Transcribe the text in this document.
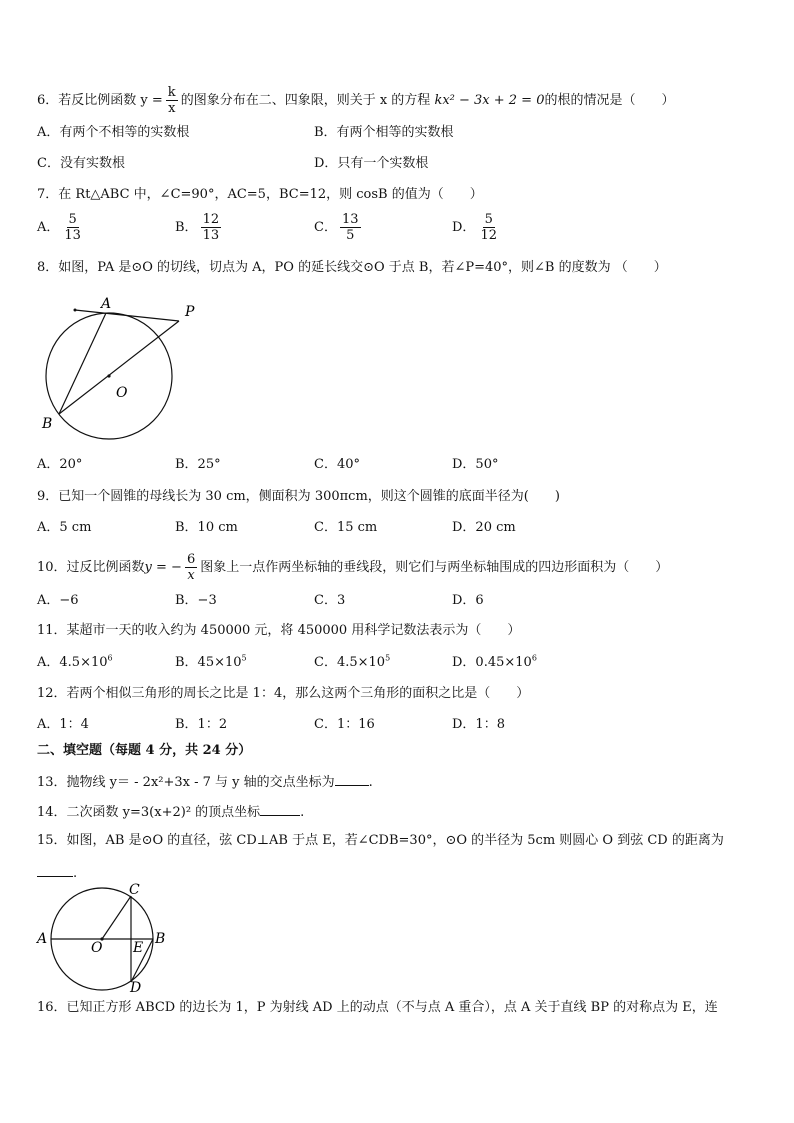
6．若反比例函数 $y = \frac{k}{x}$ 的图象分布在二、四象限，则关于 x 的方程 kx² − 3x + 2 = 0的根的情况是（　　）
A．有两个不相等的实数根	B．有两个相等的实数根
C．没有实数根	D．只有一个实数根
7．在 Rt△ABC 中，∠C=90°，AC=5，BC=12，则 cosB 的值为（　　）
A． $\frac{5}{13}$	B． $\frac{12}{13}$	C． $\frac{13}{5}$	D． $\frac{5}{12}$
8．如图，PA 是⊙O 的切线，切点为 A，PO 的延长线交⊙O 于点 B，若∠P=40°，则∠B 的度数为 （　　）
A	P
O
B
A．20°	B．25°	C．40°	D．50°
9．已知一个圆锥的母线长为 30 cm，侧面积为 300πcm，则这个圆锥的底面半径为(　　)
A．5 cm	B．10 cm	C．15 cm	D．20 cm
10．过反比例函数y = − $\frac{6}{x}$ 图象上一点作两坐标轴的垂线段，则它们与两坐标轴围成的四边形面积为（　　）
A．−6	B．−3	C．3	D．6
11．某超市一天的收入约为 450000 元，将 450000 用科学记数法表示为（　　）
A．$4.5\times 10^6$	B．$45\times 10^5$	C．$4.5\times 10^5$	D．$0.45\times 10^6$
12．若两个相似三角形的周长之比是 1：4，那么这两个三角形的面积之比是（　　）
A．1：4	B．1：2	C．1：16	D．1：8
二、填空题（每题 4 分，共 24 分）
13．抛物线 y＝ - 2x²+3x - 7 与 y 轴的交点坐标为	.
14．二次函数 y=3(x+2)² 的顶点坐标	.
15．如图，AB 是⊙O 的直径，弦 CD⊥AB 于点 E，若∠CDB=30°，⊙O 的半径为 5cm 则圆心 O 到弦 CD 的距离为
.
A	B
C
D
E
O
16．已知正方形 ABCD 的边长为 1，P 为射线 AD 上的动点（不与点 A 重合），点 A 关于直线 BP 的对称点为 E，连
